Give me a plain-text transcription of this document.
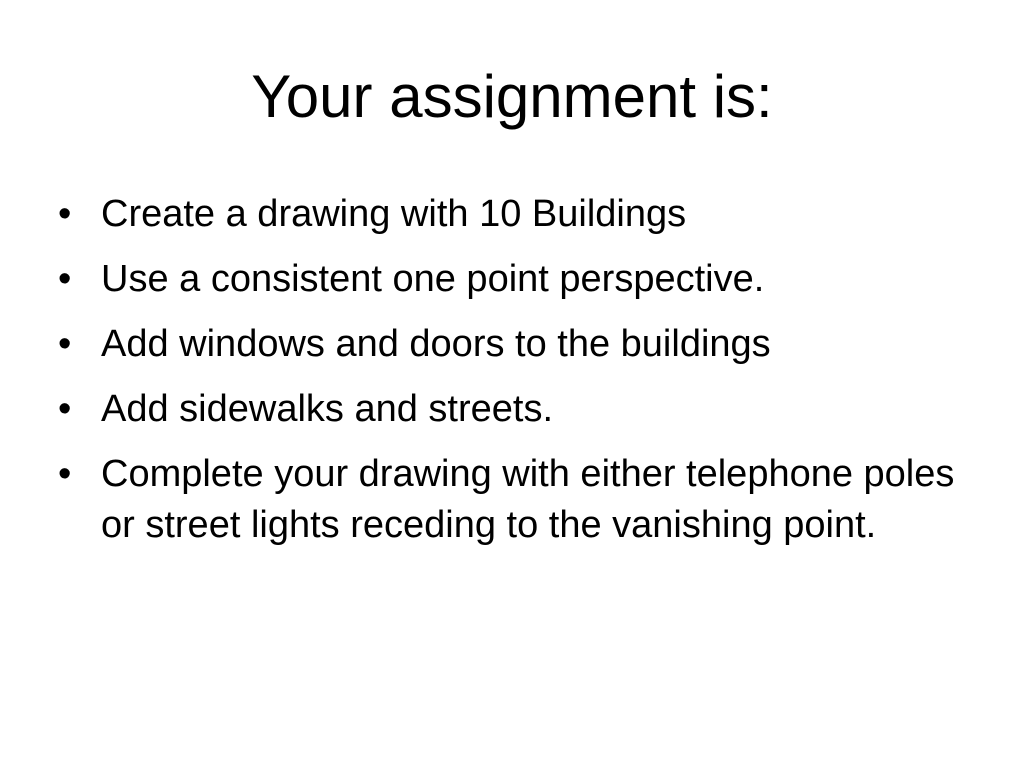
Your assignment is:
• Create a drawing with 10 Buildings
• Use a consistent one point perspective.
• Add windows and doors to the buildings
• Add sidewalks and streets.
• Complete your drawing with either telephone poles or street lights receding to the vanishing point.
